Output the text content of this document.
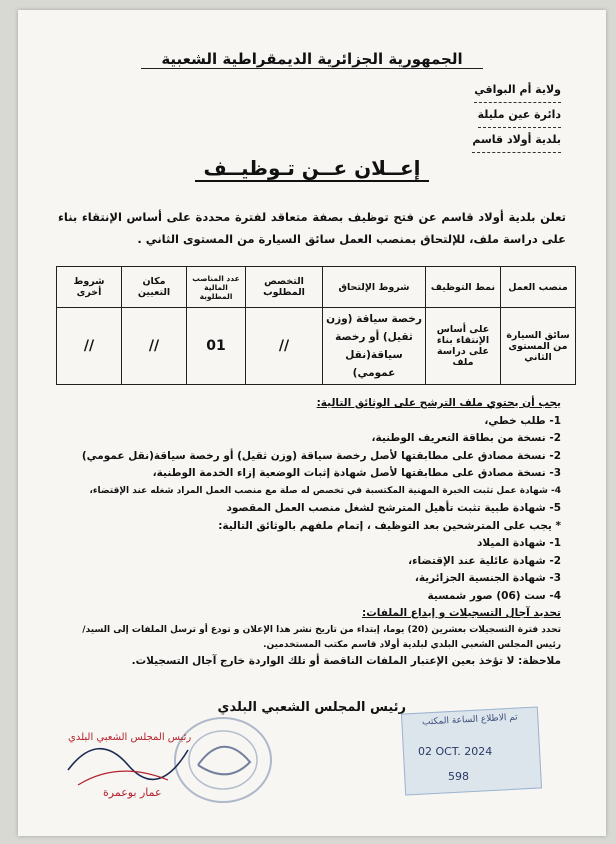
الجمهورية الجزائرية الديمقراطية الشعبية
ولاية أم البواقي
دائرة عين مليلة
بلدية أولاد قاسم
إعــلان عــن تـوظيــف
تعلن بلدية أولاد قاسم عن فتح توظيف بصفة متعاقد لفترة محددة على أساس الإنتقاء بناء على دراسة ملف، للإلتحاق بمنصب العمل سائق السيارة من المستوى الثاني .
منصب العمل	نمط التوظيف	شروط الإلتحاق	التخصص المطلوب	عدد المناصب المالية المطلوبة	مكان التعيين	شروط أخرى
سائق السيارة من المستوى الثاني	على أساس الإنتقاء بناء على دراسة ملف	رخصة سياقة (وزن ثقيل) أو رخصة سياقة(نقل عمومي)	//	01	//	//
يجب أن يحتوي ملف الترشح على الوثائق التالية:
1- طلب خطي،
2- نسخة من بطاقة التعريف الوطنية،
2- نسخة مصادق على مطابقتها لأصل رخصة سياقة (وزن ثقيل) أو رخصة سياقة(نقل عمومي)
3- نسخة مصادق على مطابقتها لأصل شهادة إثبات الوضعية إزاء الخدمة الوطنية،
4- شهادة عمل تثبت الخبرة المهنية المكتسبة في تخصص له صلة مع منصب العمل المراد شغله عند الإقتضاء،
5- شهادة طبية تثبت تأهيل المترشح لشغل منصب العمل المقصود
* يجب على المترشحين بعد التوظيف ، إتمام ملفهم بالوثائق التالية:
1- شهادة الميلاد
2- شهادة عائلية عند الإقتضاء،
3- شهادة الجنسية الجزائرية،
4- ست (06) صور شمسية
تحديد آجال التسجيلات و إيداع الملفات:
تحدد فترة التسجيلات بعشرين (20) يوما، إبتداء من تاريخ نشر هذا الإعلان و تودع أو ترسل الملفات إلى السيد/رئيس المجلس الشعبي البلدي لبلدية أولاد قاسم مكتب المستخدمين.
ملاحظة: لا تؤخذ بعين الإعتبار الملفات الناقصة أو تلك الواردة خارج آجال التسجيلات.
رئيس المجلس الشعبي البلدي
تم الاطلاع الساعة المكتب
02 OCT. 2024
598
رئيس المجلس الشعبي البلدي
عمار بوعمرة
